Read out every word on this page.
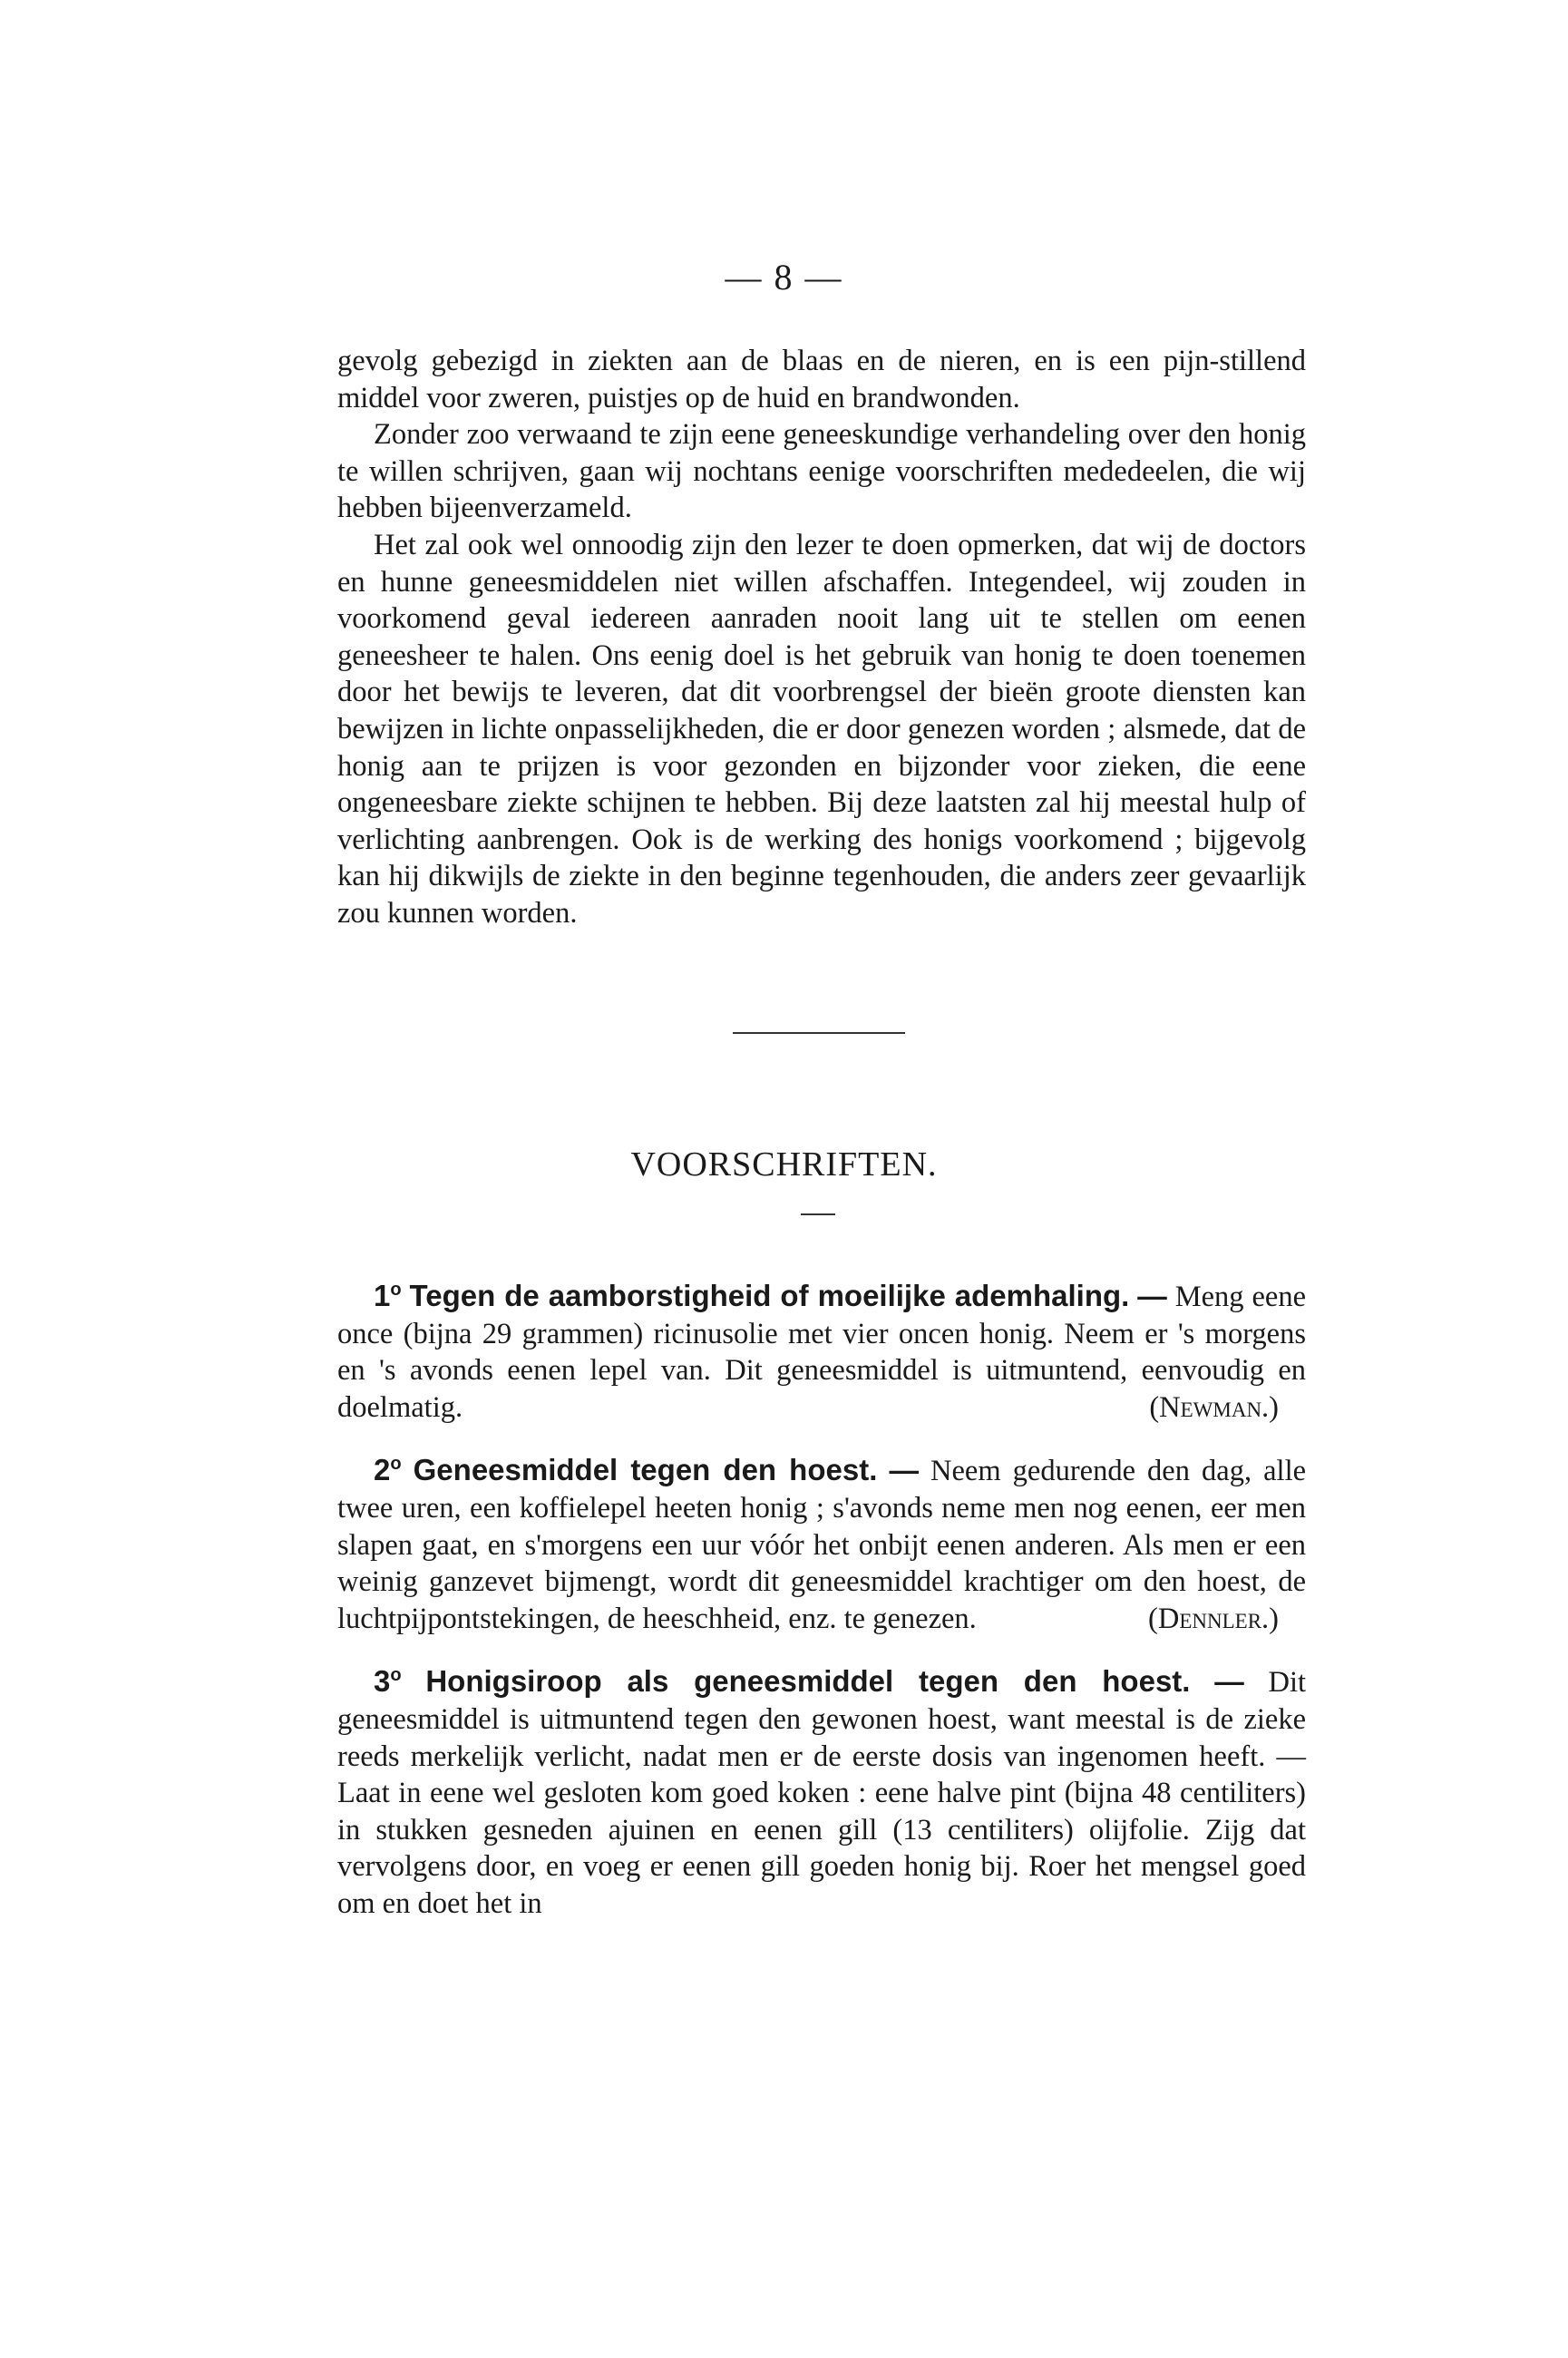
— 8 —

gevolg gebezigd in ziekten aan de blaas en de nieren, en is een pijn-stillend middel voor zweren, puistjes op de huid en brandwonden.

Zonder zoo verwaand te zijn eene geneeskundige verhandeling over den honig te willen schrijven, gaan wij nochtans eenige voorschriften mededeelen, die wij hebben bijeenverzameld.

Het zal ook wel onnoodig zijn den lezer te doen opmerken, dat wij de doctors en hunne geneesmiddelen niet willen afschaffen. Integendeel, wij zouden in voorkomend geval iedereen aanraden nooit lang uit te stellen om eenen geneesheer te halen. Ons eenig doel is het gebruik van honig te doen toenemen door het bewijs te leveren, dat dit voorbrengsel der bieën groote diensten kan bewijzen in lichte onpasselijkheden, die er door genezen worden ; alsmede, dat de honig aan te prijzen is voor gezonden en bijzonder voor zieken, die eene ongeneesbare ziekte schijnen te hebben. Bij deze laatsten zal hij meestal hulp of verlichting aanbrengen. Ook is de werking des honigs voorkomend ; bijgevolg kan hij dikwijls de ziekte in den beginne tegenhouden, die anders zeer gevaarlijk zou kunnen worden.

VOORSCHRIFTEN.

1$^o$ Tegen de aamborstigheid of moeilijke ademhaling. — Meng eene once (bijna 29 grammen) ricinusolie met vier oncen honig. Neem er 's morgens en 's avonds eenen lepel van. Dit geneesmiddel is uitmuntend, eenvoudig en doelmatig.	(Newman.)

2$^o$ Geneesmiddel tegen den hoest. — Neem gedurende den dag, alle twee uren, een koffielepel heeten honig ; s'avonds neme men nog eenen, eer men slapen gaat, en s'morgens een uur vóór het onbijt eenen anderen. Als men er een weinig ganzevet bijmengt, wordt dit geneesmiddel krachtiger om den hoest, de luchtpijpontstekingen, de heeschheid, enz. te genezen.	(Dennler.)

3$^o$ Honigsiroop als geneesmiddel tegen den hoest. — Dit geneesmiddel is uitmuntend tegen den gewonen hoest, want meestal is de zieke reeds merkelijk verlicht, nadat men er de eerste dosis van ingenomen heeft. — Laat in eene wel gesloten kom goed koken : eene halve pint (bijna 48 centiliters) in stukken gesneden ajuinen en eenen gill (13 centiliters) olijfolie. Zijg dat vervolgens door, en voeg er eenen gill goeden honig bij. Roer het mengsel goed om en doet het in
